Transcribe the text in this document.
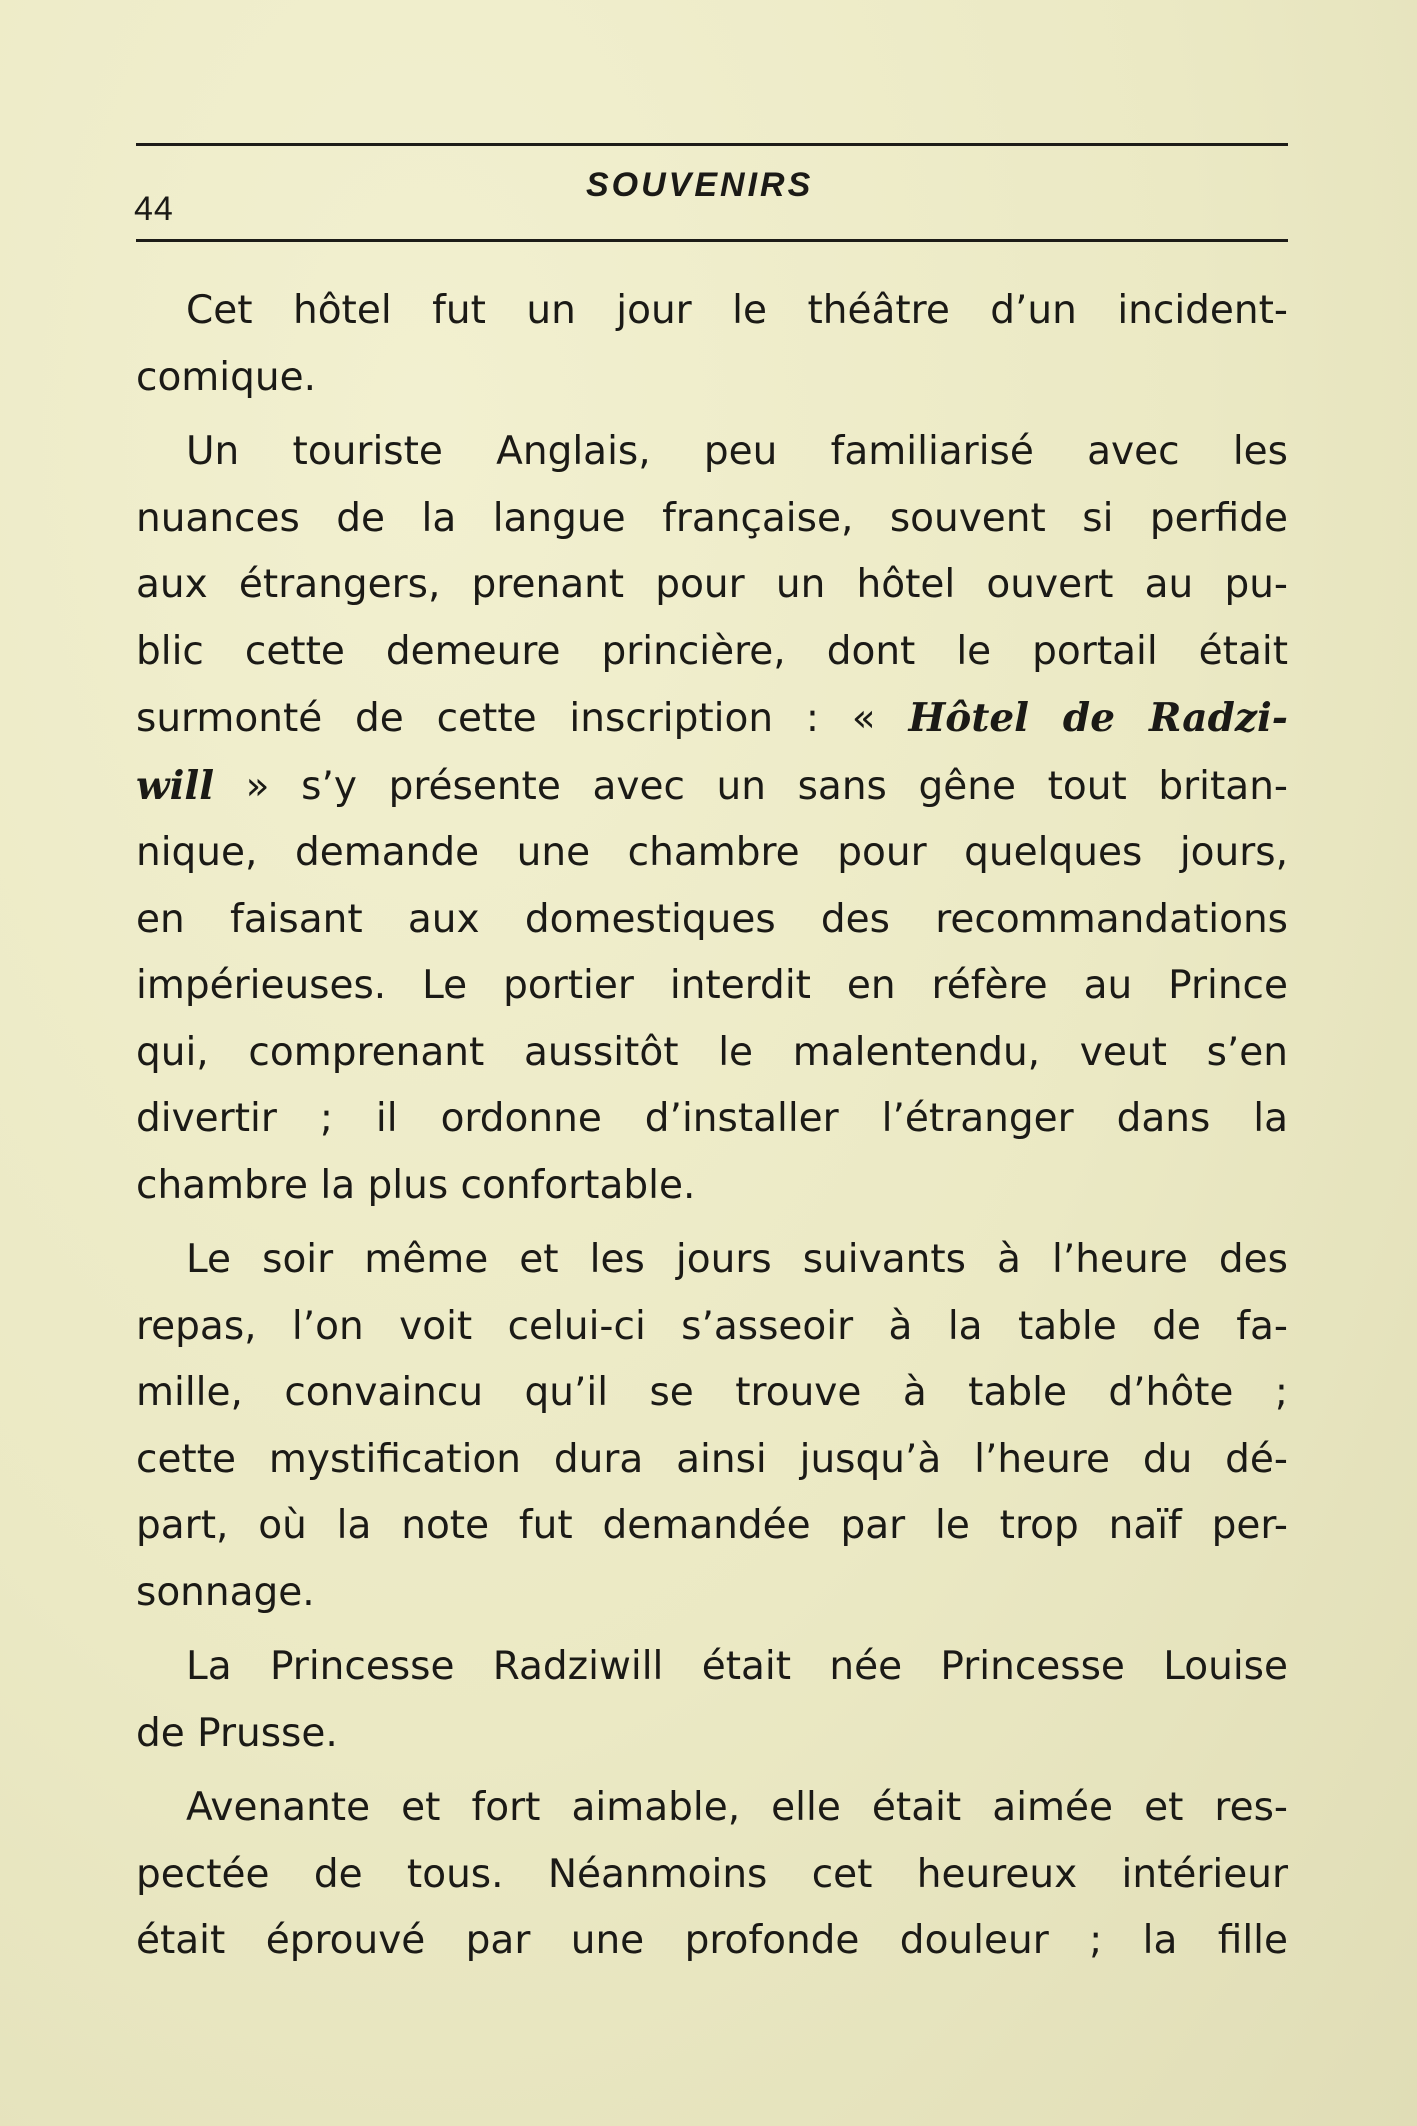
44
SOUVENIRS
Cet hôtel fut un jour le théâtre d’un incident-
comique.
Un touriste Anglais, peu familiarisé avec les
nuances de la langue française, souvent si perfide
aux étrangers, prenant pour un hôtel ouvert au pu-
blic cette demeure princière, dont le portail était
surmonté de cette inscription : « Hôtel de Radzi-
will » s’y présente avec un sans gêne tout britan-
nique, demande une chambre pour quelques jours,
en faisant aux domestiques des recommandations
impérieuses. Le portier interdit en réfère au Prince
qui, comprenant aussitôt le malentendu, veut s’en
divertir ; il ordonne d’installer l’étranger dans la
chambre la plus confortable.
Le soir même et les jours suivants à l’heure des
repas, l’on voit celui-ci s’asseoir à la table de fa-
mille, convaincu qu’il se trouve à table d’hôte ;
cette mystification dura ainsi jusqu’à l’heure du dé-
part, où la note fut demandée par le trop naïf per-
sonnage.
La Princesse Radziwill était née Princesse Louise
de Prusse.
Avenante et fort aimable, elle était aimée et res-
pectée de tous. Néanmoins cet heureux intérieur
était éprouvé par une profonde douleur ; la fille
